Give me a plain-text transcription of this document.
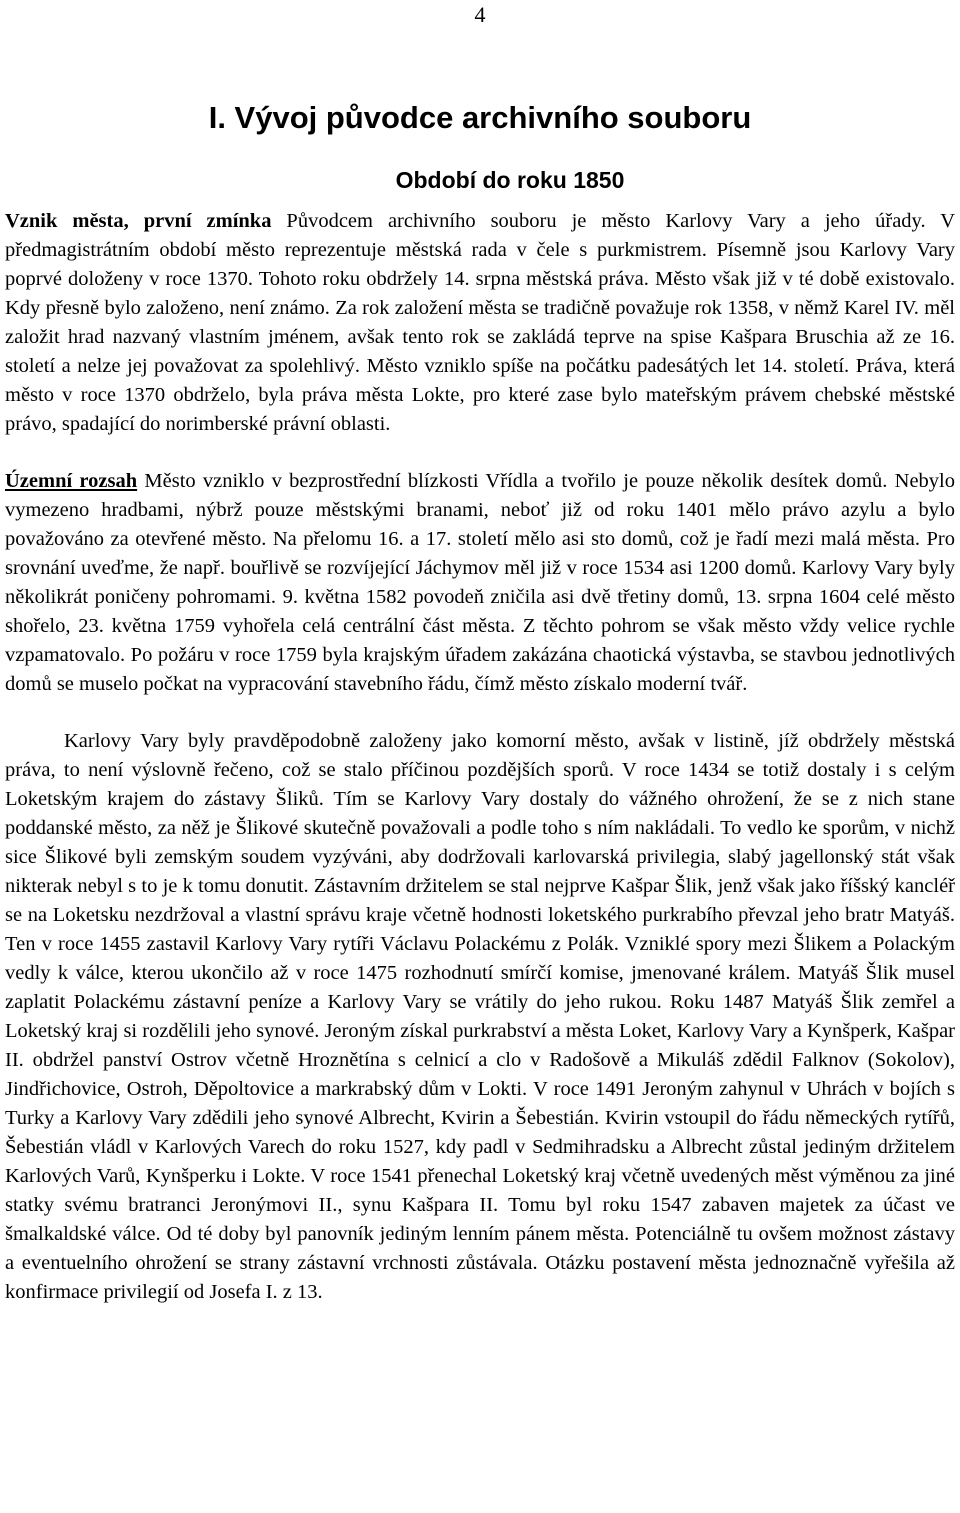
4
I. Vývoj původce archivního souboru
Období do roku 1850

Vznik města, první zmínka Původcem archivního souboru je město Karlovy Vary a jeho úřady. V předmagistrátním období město reprezentuje městská rada v čele s purkmistrem. Písemně jsou Karlovy Vary poprvé doloženy v roce 1370. Tohoto roku obdržely 14. srpna městská práva. Město však již v té době existovalo. Kdy přesně bylo založeno, není známo. Za rok založení města se tradičně považuje rok 1358, v němž Karel IV. měl založit hrad nazvaný vlastním jménem, avšak tento rok se zakládá teprve na spise Kašpara Bruschia až ze 16. století a nelze jej považovat za spolehlivý. Město vzniklo spíše na počátku padesátých let 14. století. Práva, která město v roce 1370 obdrželo, byla práva města Lokte, pro které zase bylo mateřským právem chebské městské právo, spadající do norimberské právní oblasti.

Územní rozsah Město vzniklo v bezprostřední blízkosti Vřídla a tvořilo je pouze několik desítek domů. Nebylo vymezeno hradbami, nýbrž pouze městskými branami, neboť již od roku 1401 mělo právo azylu a bylo považováno za otevřené město. Na přelomu 16. a 17. století mělo asi sto domů, což je řadí mezi malá města. Pro srovnání uveďme, že např. bouřlivě se rozvíjející Jáchymov měl již v roce 1534 asi 1200 domů. Karlovy Vary byly několikrát poničeny pohromami. 9. května 1582 povodeň zničila asi dvě třetiny domů, 13. srpna 1604 celé město shořelo, 23. května 1759 vyhořela celá centrální část města. Z těchto pohrom se však město vždy velice rychle vzpamatovalo. Po požáru v roce 1759 byla krajským úřadem zakázána chaotická výstavba, se stavbou jednotlivých domů se muselo počkat na vypracování stavebního řádu, čímž město získalo moderní tvář.

Karlovy Vary byly pravděpodobně založeny jako komorní město, avšak v listině, jíž obdržely městská práva, to není výslovně řečeno, což se stalo příčinou pozdějších sporů. V roce 1434 se totiž dostaly i s celým Loketským krajem do zástavy Šliků. Tím se Karlovy Vary dostaly do vážného ohrožení, že se z nich stane poddanské město, za něž je Šlikové skutečně považovali a podle toho s ním nakládali. To vedlo ke sporům, v nichž sice Šlikové byli zemským soudem vyzýváni, aby dodržovali karlovarská privilegia, slabý jagellonský stát však nikterak nebyl s to je k tomu donutit. Zástavním držitelem se stal nejprve Kašpar Šlik, jenž však jako říšský kancléř se na Loketsku nezdržoval a vlastní správu kraje včetně hodnosti loketského purkrabího převzal jeho bratr Matyáš. Ten v roce 1455 zastavil Karlovy Vary rytíři Václavu Polackému z Polák. Vzniklé spory mezi Šlikem a Polackým vedly k válce, kterou ukončilo až v roce 1475 rozhodnutí smírčí komise, jmenované králem. Matyáš Šlik musel zaplatit Polackému zástavní peníze a Karlovy Vary se vrátily do jeho rukou. Roku 1487 Matyáš Šlik zemřel a Loketský kraj si rozdělili jeho synové. Jeroným získal purkrabství a města Loket, Karlovy Vary a Kynšperk, Kašpar II. obdržel panství Ostrov včetně Hroznětína s celnicí a clo v Radošově a Mikuláš zdědil Falknov (Sokolov), Jindřichovice, Ostroh, Děpoltovice a markrabský dům v Lokti. V roce 1491 Jeroným zahynul v Uhrách v bojích s Turky a Karlovy Vary zdědili jeho synové Albrecht, Kvirin a Šebestián. Kvirin vstoupil do řádu německých rytířů, Šebestián vládl v Karlových Varech do roku 1527, kdy padl v Sedmihradsku a Albrecht zůstal jediným držitelem Karlových Varů, Kynšperku i Lokte. V roce 1541 přenechal Loketský kraj včetně uvedených měst výměnou za jiné statky svému bratranci Jeronýmovi II., synu Kašpara II. Tomu byl roku 1547 zabaven majetek za účast ve šmalkaldské válce. Od té doby byl panovník jediným lenním pánem města. Potenciálně tu ovšem možnost zástavy a eventuelního ohrožení se strany zástavní vrchnosti zůstávala. Otázku postavení města jednoznačně vyřešila až konfirmace privilegií od Josefa I. z 13.
